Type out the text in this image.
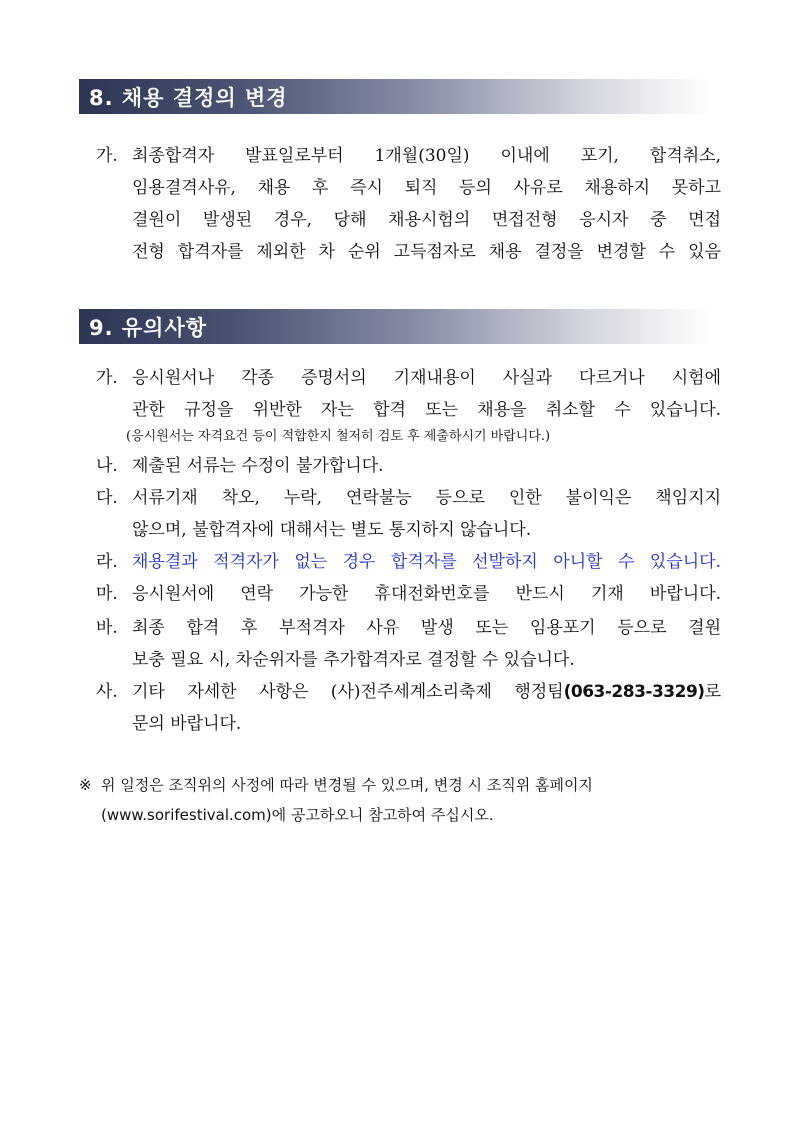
8. 채용 결정의 변경
가. 최종합격자 발표일로부터 1개월(30일) 이내에 포기, 합격취소,
임용결격사유, 채용 후 즉시 퇴직 등의 사유로 채용하지 못하고
결원이 발생된 경우, 당해 채용시험의 면접전형 응시자 중 면접
전형 합격자를 제외한 차 순위 고득점자로 채용 결정을 변경할 수 있음
9. 유의사항
가. 응시원서나 각종 증명서의 기재내용이 사실과 다르거나 시험에
관한 규정을 위반한 자는 합격 또는 채용을 취소할 수 있습니다.
(응시원서는 자격요건 등이 적합한지 철저히 검토 후 제출하시기 바랍니다.)
나. 제출된 서류는 수정이 불가합니다.
다. 서류기재 착오, 누락, 연락불능 등으로 인한 불이익은 책임지지
않으며, 불합격자에 대해서는 별도 통지하지 않습니다.
라. 채용결과 적격자가 없는 경우 합격자를 선발하지 아니할 수 있습니다.
마. 응시원서에 연락 가능한 휴대전화번호를 반드시 기재 바랍니다.
바. 최종 합격 후 부적격자 사유 발생 또는 임용포기 등으로 결원
보충 필요 시, 차순위자를 추가합격자로 결정할 수 있습니다.
사. 기타 자세한 사항은 (사)전주세계소리축제 행정팀(063-283-3329)로
문의 바랍니다.
※ 위 일정은 조직위의 사정에 따라 변경될 수 있으며, 변경 시 조직위 홈페이지
(www.sorifestival.com)에 공고하오니 참고하여 주십시오.
